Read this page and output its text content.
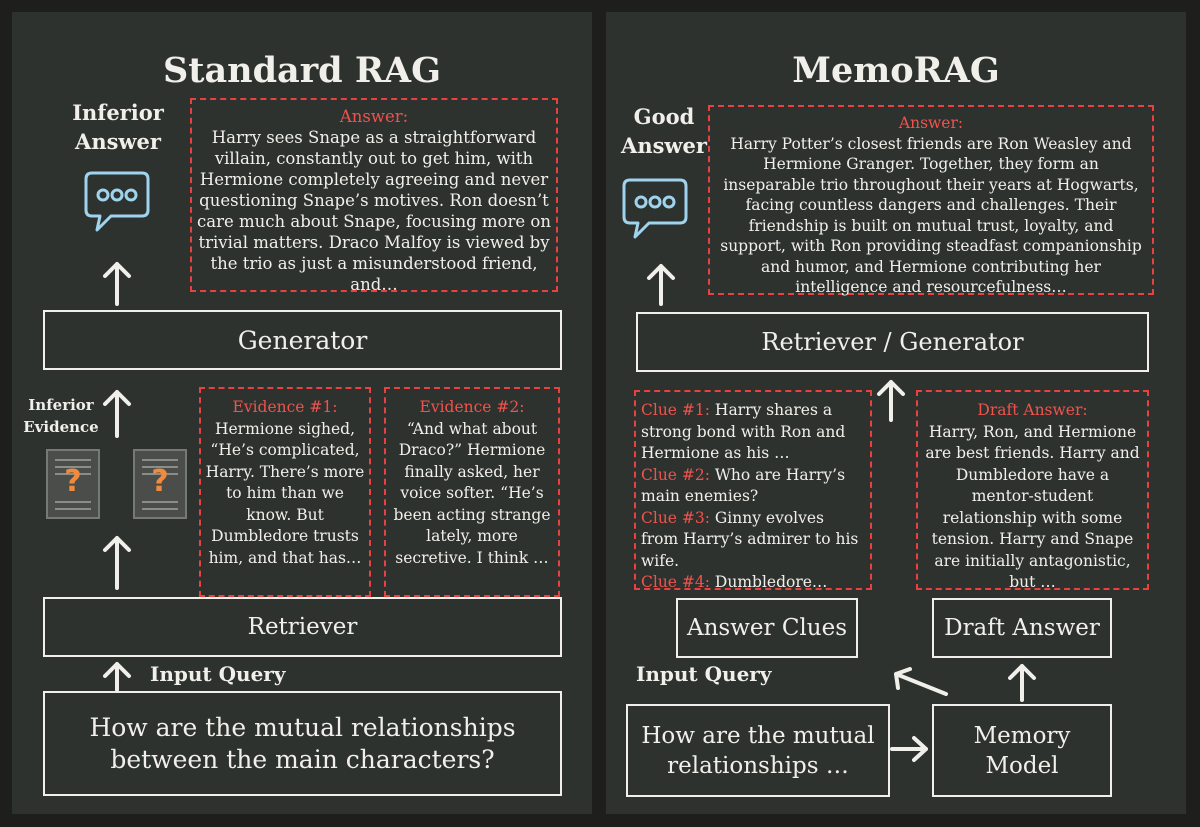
Standard RAG
Inferior Answer
Answer:
Harry sees Snape as a straightforward villain, constantly out to get him, with Hermione completely agreeing and never questioning Snape’s motives. Ron doesn’t care much about Snape, focusing more on trivial matters. Draco Malfoy is viewed by the trio as just a misunderstood friend, and…
Generator
Inferior Evidence
?	?
Evidence #1:
Hermione sighed, “He’s complicated, Harry. There’s more to him than we know. But Dumbledore trusts him, and that has…
Evidence #2:
“And what about Draco?” Hermione finally asked, her voice softer. “He’s been acting strange lately, more secretive. I think …
Retriever
Input Query
How are the mutual relationships between the main characters?
MemoRAG
Good Answer
Answer:
Harry Potter’s closest friends are Ron Weasley and Hermione Granger. Together, they form an inseparable trio throughout their years at Hogwarts, facing countless dangers and challenges. Their friendship is built on mutual trust, loyalty, and support, with Ron providing steadfast companionship and humor, and Hermione contributing her intelligence and resourcefulness…
Retriever / Generator
Clue #1: Harry shares a strong bond with Ron and Hermione as his …
Clue #2: Who are Harry’s main enemies?
Clue #3: Ginny evolves from Harry’s admirer to his wife.
Clue #4: Dumbledore…
Draft Answer:
Harry, Ron, and Hermione are best friends. Harry and Dumbledore have a mentor-student relationship with some tension. Harry and Snape are initially antagonistic, but …
Answer Clues	Draft Answer
Input Query
How are the mutual relationships …
Memory Model
